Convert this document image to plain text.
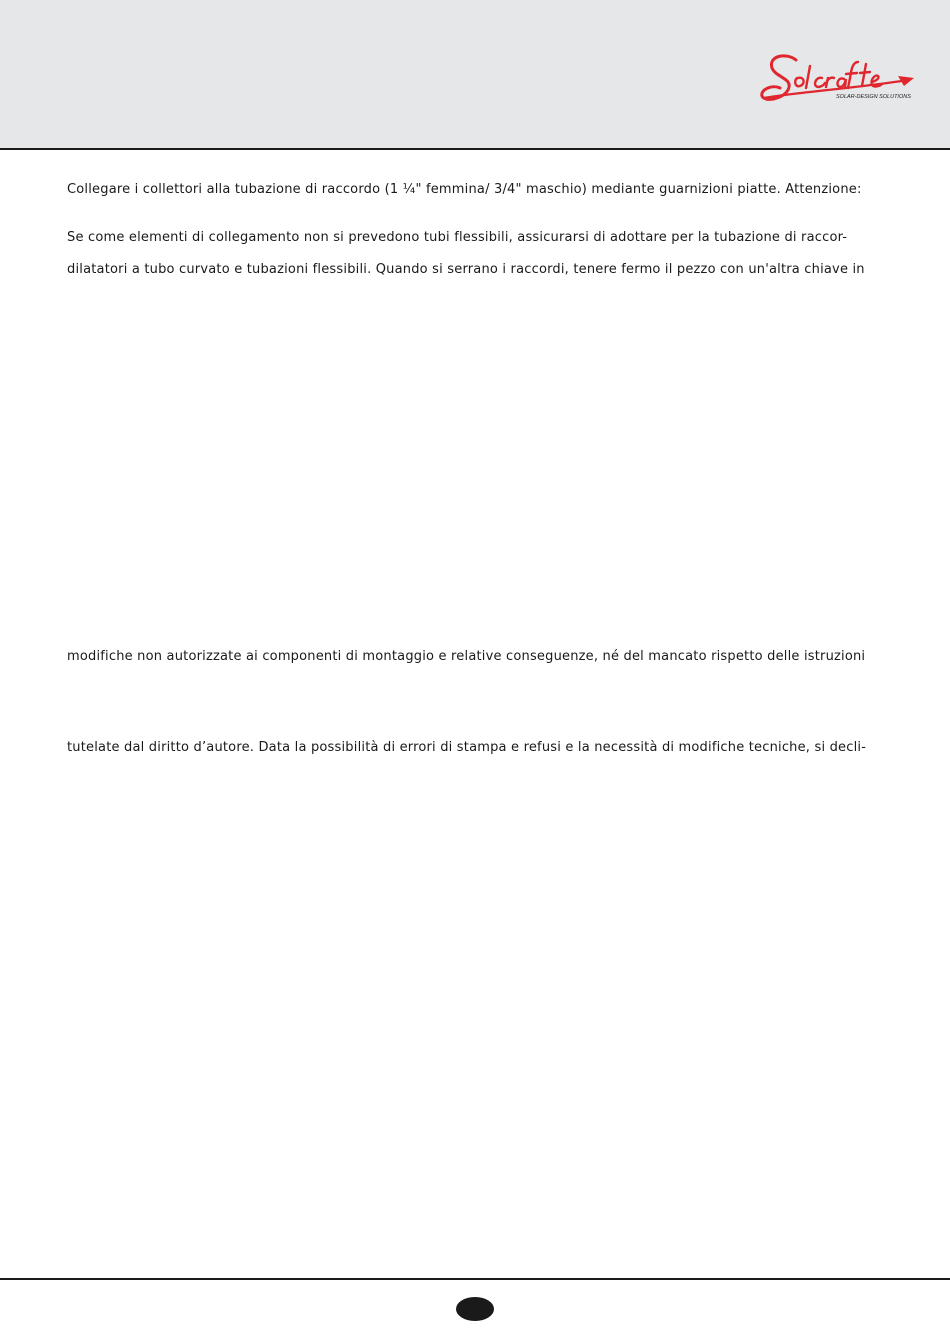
SOLAR-DESIGN SOLUTIONS

Collegare i collettori alla tubazione di raccordo (1 ¼" femmina/ 3/4" maschio) mediante guarnizioni piatte. Attenzione:

Se come elementi di collegamento non si prevedono tubi flessibili, assicurarsi di adottare per la tubazione di raccor-

dilatatori a tubo curvato e tubazioni flessibili. Quando si serrano i raccordi, tenere fermo il pezzo con un'altra chiave in

modifiche non autorizzate ai componenti di montaggio e relative conseguenze, né del mancato rispetto delle istruzioni

tutelate dal diritto d’autore. Data la possibilità di errori di stampa e refusi e la necessità di modifiche tecniche, si decli-
